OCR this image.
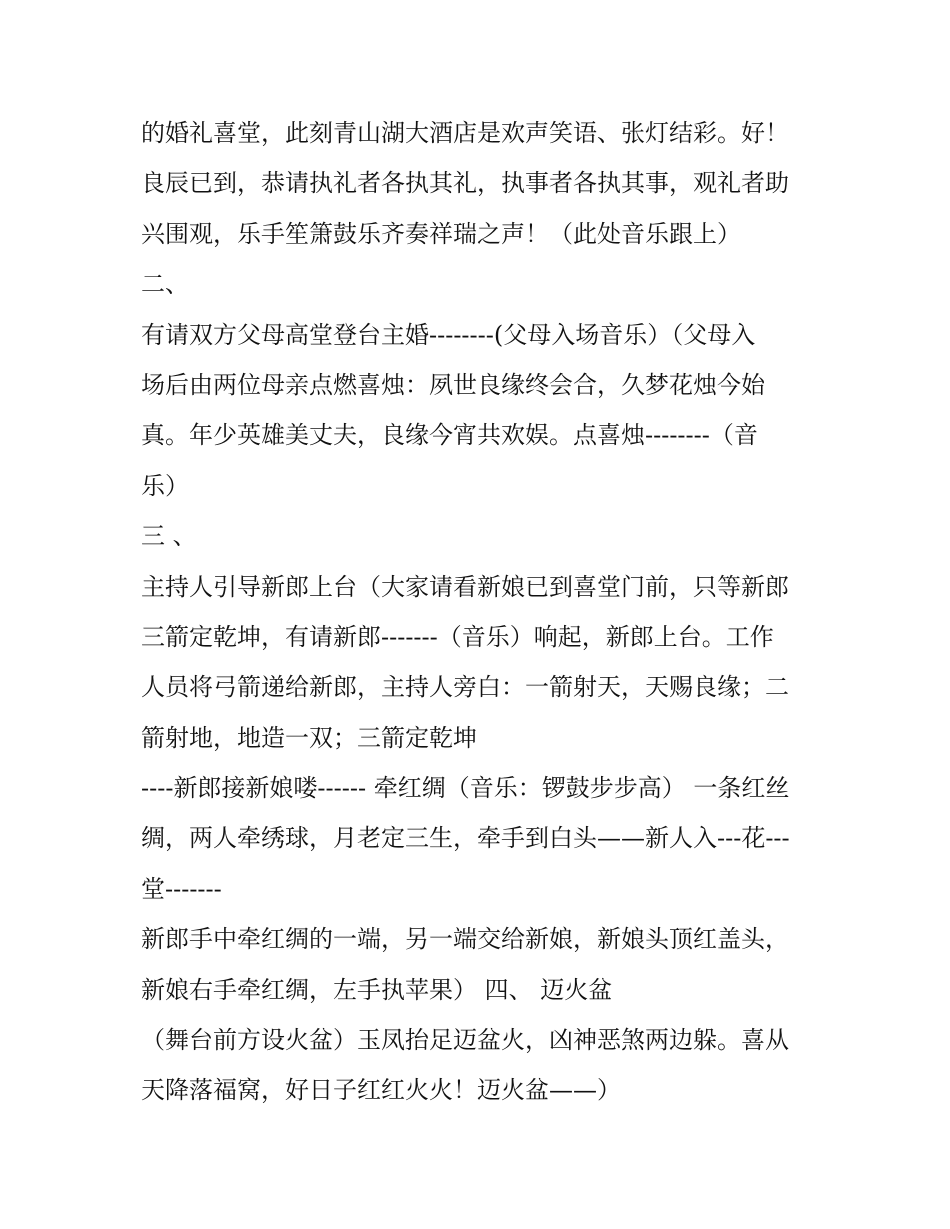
的婚礼喜堂，此刻青山湖大酒店是欢声笑语、张灯结彩。好！
良辰已到，恭请执礼者各执其礼，执事者各执其事，观礼者助
兴围观，乐手笙箫鼓乐齐奏祥瑞之声！（此处音乐跟上）
二、
有请双方父母高堂登台主婚--------(父母入场音乐）（父母入
场后由两位母亲点燃喜烛：夙世良缘终会合，久梦花烛今始
真。年少英雄美丈夫，良缘今宵共欢娱。点喜烛--------（音
乐）
三 、
主持人引导新郎上台（大家请看新娘已到喜堂门前，只等新郎
三箭定乾坤，有请新郎-------（音乐）响起，新郎上台。工作
人员将弓箭递给新郎，主持人旁白：一箭射天，天赐良缘；二
箭射地，地造一双；三箭定乾坤
----新郎接新娘喽------ 牵红绸（音乐：锣鼓步步高） 一条红丝
绸，两人牵绣球，月老定三生，牵手到白头——新人入---花---
堂-------
新郎手中牵红绸的一端，另一端交给新娘，新娘头顶红盖头，
新娘右手牵红绸，左手执苹果） 四、 迈火盆
（舞台前方设火盆）玉凤抬足迈盆火，凶神恶煞两边躲。喜从
天降落福窝，好日子红红火火！迈火盆——）
